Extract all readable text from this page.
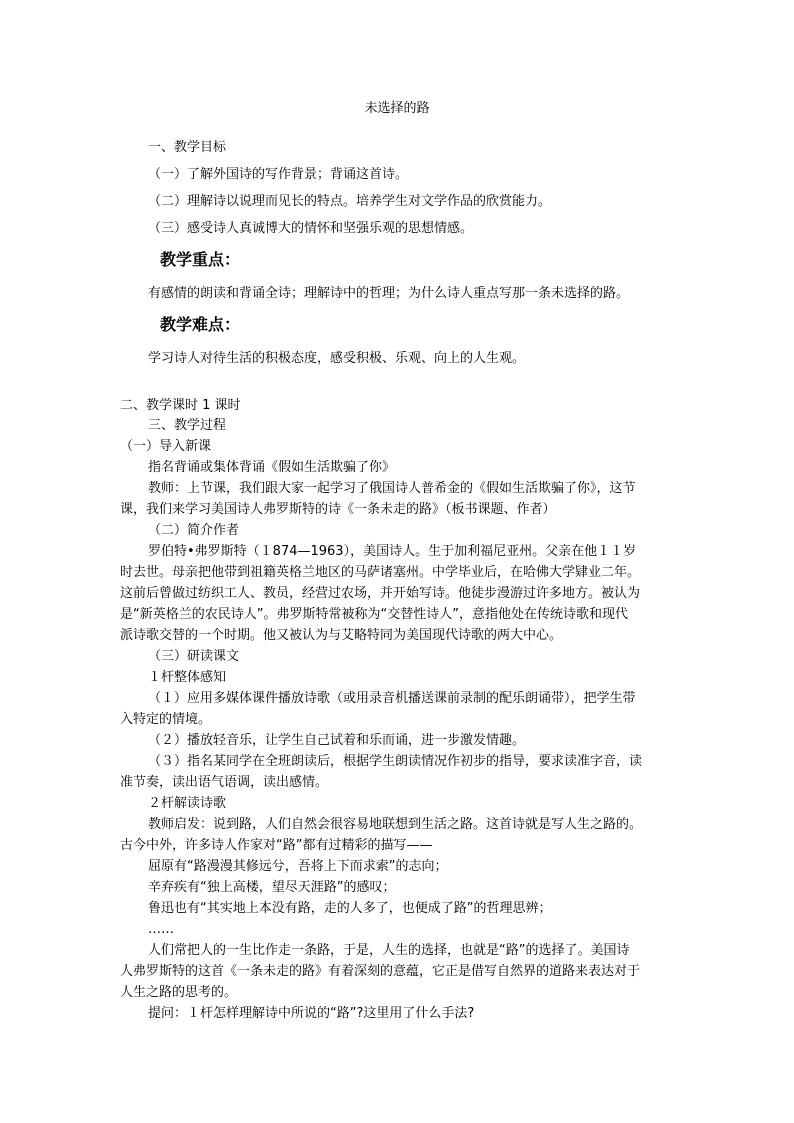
未选择的路
一、教学目标
（一）了解外国诗的写作背景；背诵这首诗。
（二）理解诗以说理而见长的特点。培养学生对文学作品的欣赏能力。
（三）感受诗人真诚博大的情怀和坚强乐观的思想情感。
教学重点：
有感情的朗读和背诵全诗；理解诗中的哲理；为什么诗人重点写那一条未选择的路。
教学难点：
学习诗人对待生活的积极态度，感受积极、乐观、向上的人生观。
二、教学课时 1 课时
三、教学过程
（一）导入新课
指名背诵或集体背诵《假如生活欺骗了你》
教师：上节课，我们跟大家一起学习了俄国诗人普希金的《假如生活欺骗了你》，这节
课，我们来学习美国诗人弗罗斯特的诗《一条未走的路》（板书课题、作者）
（二）简介作者
罗伯特•弗罗斯特（１874—1963），美国诗人。生于加利福尼亚州。父亲在他１１岁
时去世。母亲把他带到祖籍英格兰地区的马萨诸塞州。中学毕业后，在哈佛大学肄业二年。
这前后曾做过纺织工人、教员，经营过农场，并开始写诗。他徒步漫游过许多地方。被认为
是“新英格兰的农民诗人”。弗罗斯特常被称为“交替性诗人”，意指他处在传统诗歌和现代
派诗歌交替的一个时期。他又被认为与艾略特同为美国现代诗歌的两大中心。
（三）研读课文
１杆整体感知
（１）应用多媒体课件播放诗歌（或用录音机播送课前录制的配乐朗诵带），把学生带
入特定的情境。
（２）播放轻音乐，让学生自己试着和乐而诵，进一步激发情趣。
（３）指名某同学在全班朗读后，根据学生朗读情况作初步的指导，要求读准字音，读
准节奏，读出语气语调，读出感情。
２杆解读诗歌
教师启发：说到路，人们自然会很容易地联想到生活之路。这首诗就是写人生之路的。
古今中外，许多诗人作家对“路”都有过精彩的描写——
屈原有“路漫漫其修远兮，吾将上下而求索”的志向；
辛弃疾有“独上高楼，望尽天涯路”的感叹；
鲁迅也有“其实地上本没有路，走的人多了，也便成了路”的哲理思辨；
……
人们常把人的一生比作走一条路，于是，人生的选择，也就是“路”的选择了。美国诗
人弗罗斯特的这首《一条未走的路》有着深刻的意蕴，它正是借写自然界的道路来表达对于
人生之路的思考的。
提问：１杆怎样理解诗中所说的“路”?这里用了什么手法?
